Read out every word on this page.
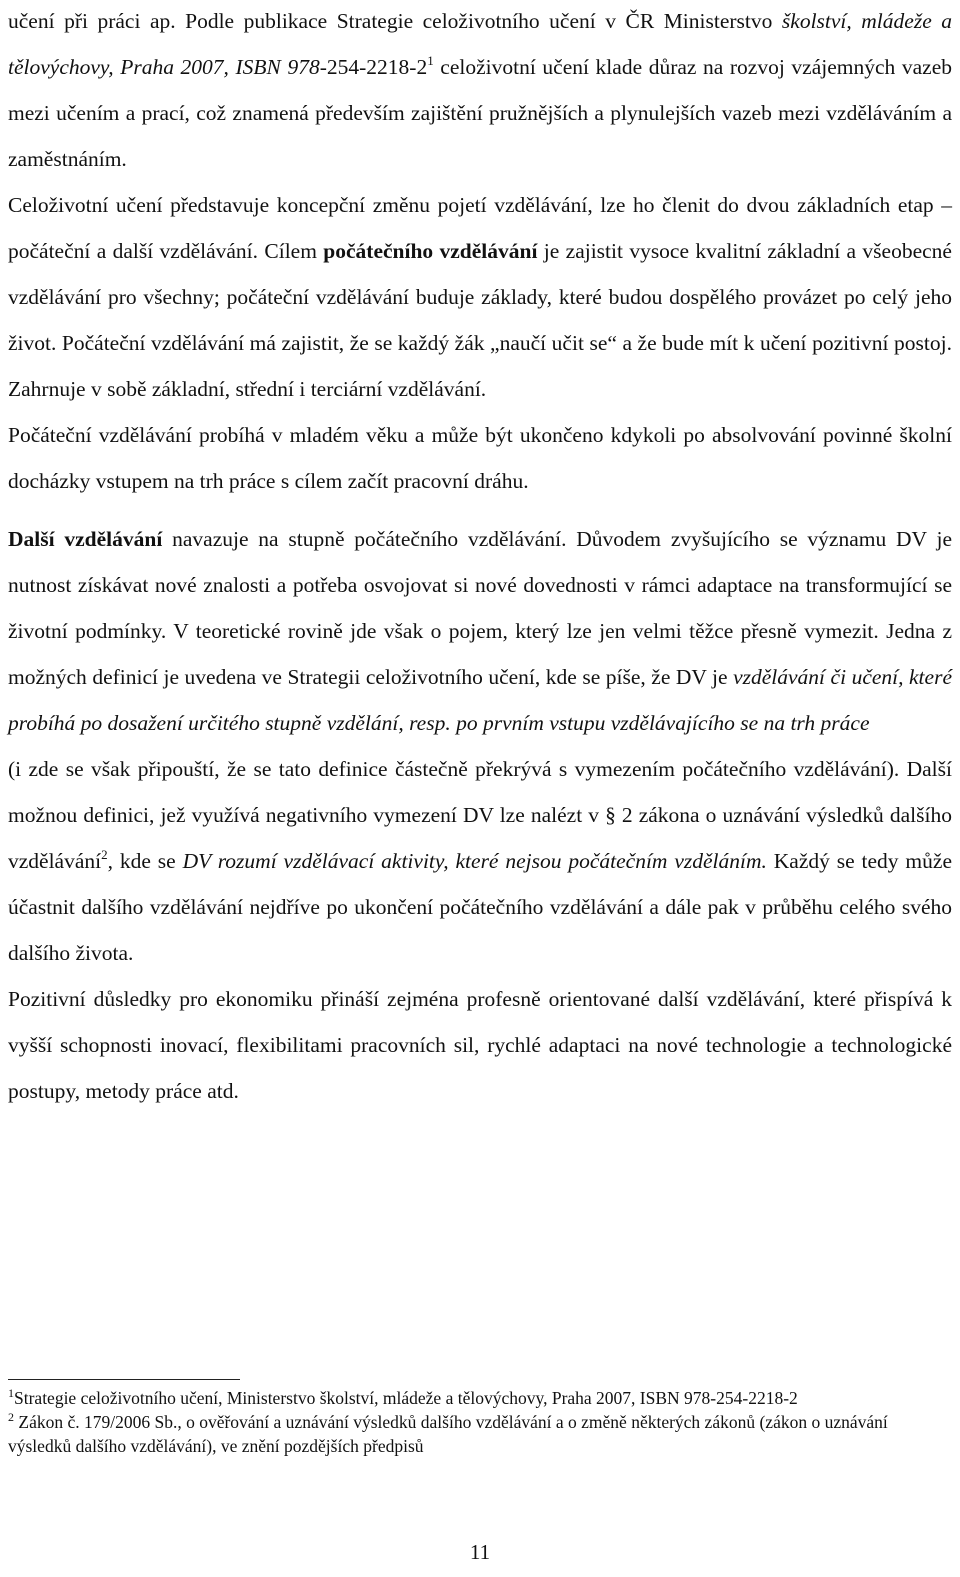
učení při práci ap. Podle publikace Strategie celoživotního učení v ČR Ministerstvo školství, mládeže a tělovýchovy, Praha 2007, ISBN $978-254-2218-2^1$ celoživotní učení klade důraz na rozvoj vzájemných vazeb mezi učením a prací, což znamená především zajištění pružnějších a plynulejších vazeb mezi vzděláváním a zaměstnáním.

Celoživotní učení představuje koncepční změnu pojetí vzdělávání, lze ho členit do dvou základních etap – počáteční a další vzdělávání. Cílem počátečního vzdělávání je zajistit vysoce kvalitní základní a všeobecné vzdělávání pro všechny; počáteční vzdělávání buduje základy, které budou dospělého provázet po celý jeho život. Počáteční vzdělávání má zajistit, že se každý žák „naučí učit se“ a že bude mít k učení pozitivní postoj. Zahrnuje v sobě základní, střední i terciární vzdělávání.

Počáteční vzdělávání probíhá v mladém věku a může být ukončeno kdykoli po absolvování povinné školní docházky vstupem na trh práce s cílem začít pracovní dráhu.

Další vzdělávání navazuje na stupně počátečního vzdělávání. Důvodem zvyšujícího se významu DV je nutnost získávat nové znalosti a potřeba osvojovat si nové dovednosti v rámci adaptace na transformující se životní podmínky. V teoretické rovině jde však o pojem, který lze jen velmi těžce přesně vymezit. Jedna z možných definicí je uvedena ve Strategii celoživotního učení, kde se píše, že DV je vzdělávání či učení, které probíhá po dosažení určitého stupně vzdělání, resp. po prvním vstupu vzdělávajícího se na trh práce

(i zde se však připouští, že se tato definice částečně překrývá s vymezením počátečního vzdělávání). Další možnou definici, jež využívá negativního vymezení DV lze nalézt v § 2 zákona o uznávání výsledků dalšího vzdělávání$^2$, kde se DV rozumí vzdělávací aktivity, které nejsou počátečním vzděláním. Každý se tedy může účastnit dalšího vzdělávání nejdříve po ukončení počátečního vzdělávání a dále pak v průběhu celého svého dalšího života.

Pozitivní důsledky pro ekonomiku přináší zejména profesně orientované další vzdělávání, které přispívá k vyšší schopnosti inovací, flexibilitami pracovních sil, rychlé adaptaci na nové technologie a technologické postupy, metody práce atd.

$^1$Strategie celoživotního učení, Ministerstvo školství, mládeže a tělovýchovy, Praha 2007, ISBN 978-254-2218-2

$^2$ Zákon č. 179/2006 Sb., o ověřování a uznávání výsledků dalšího vzdělávání a o změně některých zákonů (zákon o uznávání výsledků dalšího vzdělávání), ve znění pozdějších předpisů

11
